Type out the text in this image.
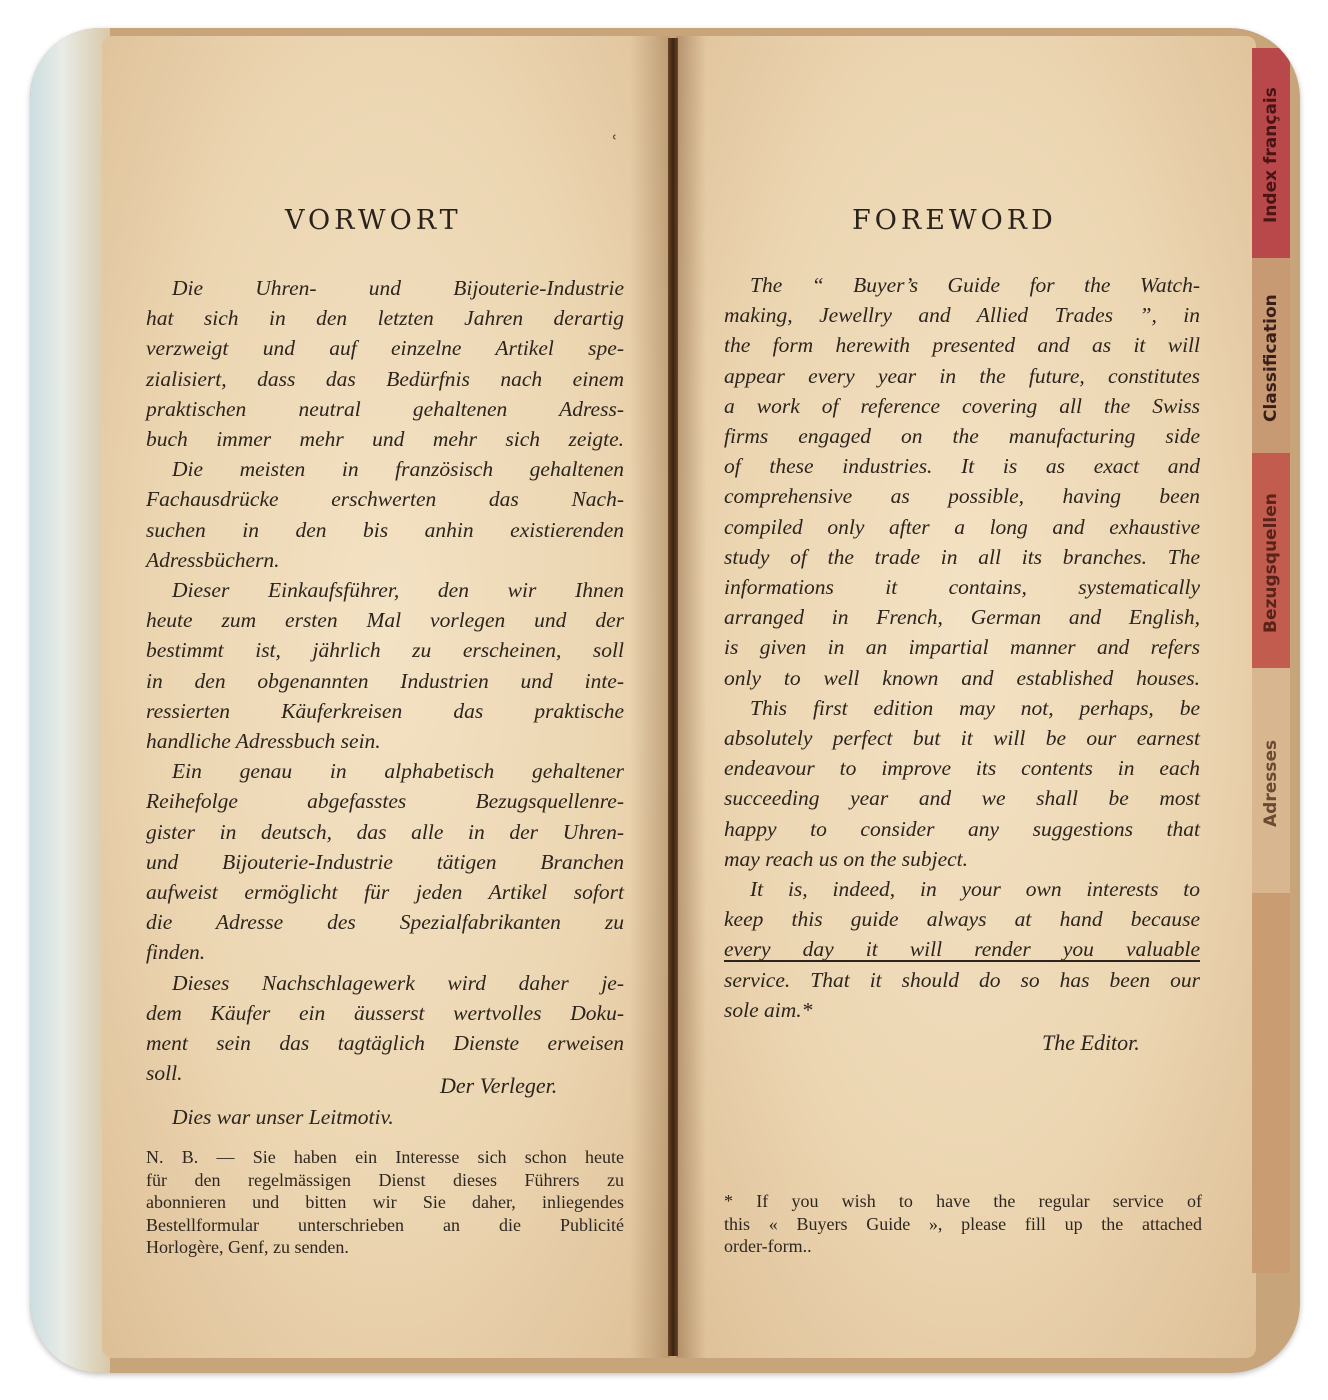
Index français
Classification
Bezugsquellen
Adresses
˓
VORWORT
Die Uhren- und Bijouterie-Industrie
hat sich in den letzten Jahren derartig
verzweigt und auf einzelne Artikel spe-
zialisiert, dass das Bedürfnis nach einem
praktischen neutral gehaltenen Adress-
buch immer mehr und mehr sich zeigte.
Die meisten in französisch gehaltenen
Fachausdrücke erschwerten das Nach-
suchen in den bis anhin existierenden
Adressbüchern.
Dieser Einkaufsführer, den wir Ihnen
heute zum ersten Mal vorlegen und der
bestimmt ist, jährlich zu erscheinen, soll
in den obgenannten Industrien und inte-
ressierten Käuferkreisen das praktische
handliche Adressbuch sein.
Ein genau in alphabetisch gehaltener
Reihefolge abgefasstes Bezugsquellenre-
gister in deutsch, das alle in der Uhren-
und Bijouterie-Industrie tätigen Branchen
aufweist ermöglicht für jeden Artikel sofort
die Adresse des Spezialfabrikanten zu
finden.
Dieses Nachschlagewerk wird daher je-
dem Käufer ein äusserst wertvolles Doku-
ment sein das tagtäglich Dienste erweisen
soll.
Dies war unser Leitmotiv.
Der Verleger.
N. B. — Sie haben ein Interesse sich schon heute
für den regelmässigen Dienst dieses Führers zu
abonnieren und bitten wir Sie daher, inliegendes
Bestellformular unterschrieben an die Publicité
Horlogère, Genf, zu senden.
FOREWORD
The “ Buyer’s Guide for the Watch-
making, Jewellry and Allied Trades ”, in
the form herewith presented and as it will
appear every year in the future, constitutes
a work of reference covering all the Swiss
firms engaged on the manufacturing side
of these industries. It is as exact and
comprehensive as possible, having been
compiled only after a long and exhaustive
study of the trade in all its branches. The
informations it contains, systematically
arranged in French, German and English,
is given in an impartial manner and refers
only to well known and established houses.
This first edition may not, perhaps, be
absolutely perfect but it will be our earnest
endeavour to improve its contents in each
succeeding year and we shall be most
happy to consider any suggestions that
may reach us on the subject.
It is, indeed, in your own interests to
keep this guide always at hand because
every day it will render you valuable
service. That it should do so has been our
sole aim.*
The Editor.
* If you wish to have the regular service of
this « Buyers Guide », please fill up the attached
order-form..
